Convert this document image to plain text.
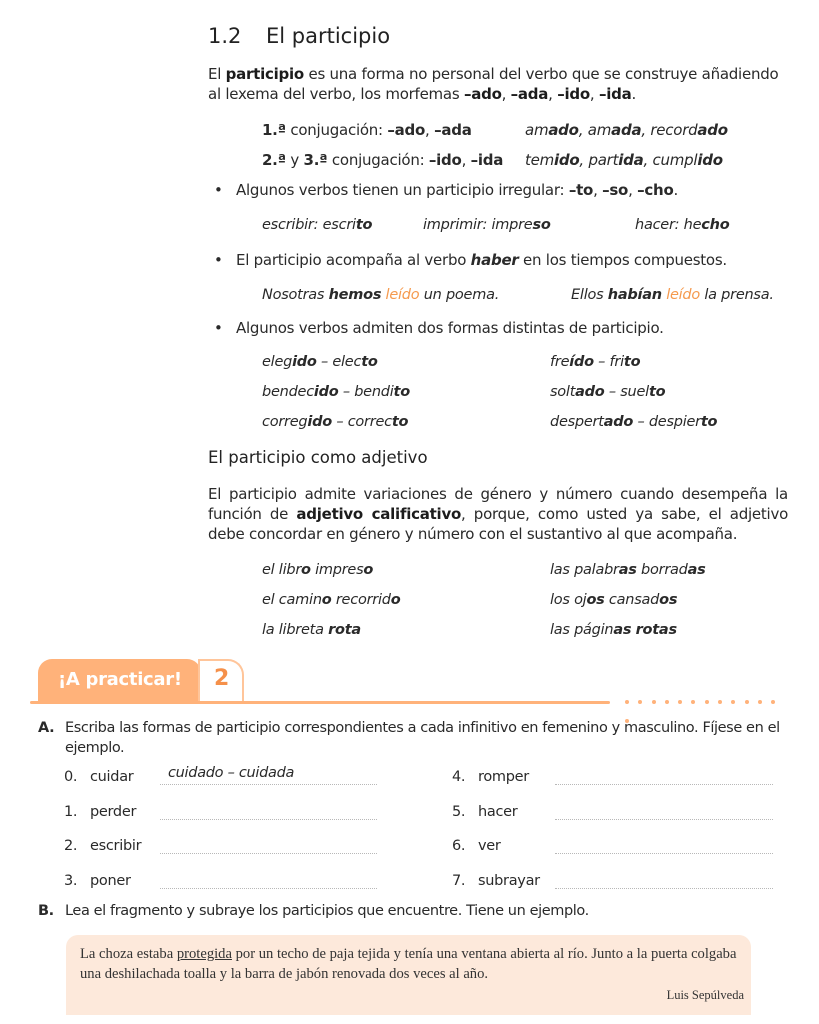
1.2 El participio
El participio es una forma no personal del verbo que se construye añadiendo al lexema del verbo, los morfemas –ado, –ada, –ido, –ida.
1.ª conjugación: –ado, –ada	amado, amada, recordado
2.ª y 3.ª conjugación: –ido, –ida temido, partida, cumplido
• Algunos verbos tienen un participio irregular: –to, –so, –cho.
escribir: escrito	imprimir: impreso	hacer: hecho
• El participio acompaña al verbo haber en los tiempos compuestos.
Nosotras hemos leído un poema.	Ellos habían leído la prensa.
• Algunos verbos admiten dos formas distintas de participio.
elegido – electo	freído – frito
bendecido – bendito	soltado – suelto
corregido – correcto	despertado – despierto
El participio como adjetivo
El participio admite variaciones de género y número cuando desempeña la función de adjetivo calificativo, porque, como usted ya sabe, el adjetivo debe concordar en género y número con el sustantivo al que acompaña.
el libro impreso	las palabras borradas
el camino recorrido	los ojos cansados
la libreta rota	las páginas rotas
¡A practicar! 2
A. Escriba las formas de participio correspondientes a cada infinitivo en femenino y masculino. Fíjese en el ejemplo.
0. cuidar cuidado – cuidada
1. perder
2. escribir
3. poner
4. romper
5. hacer
6. ver
7. subrayar
B. Lea el fragmento y subraye los participios que encuentre. Tiene un ejemplo.
La choza estaba protegida por un techo de paja tejida y tenía una ventana abierta al río. Junto a la puerta colgaba una deshilachada toalla y la barra de jabón renovada dos veces al año.
Luis Sepúlveda
